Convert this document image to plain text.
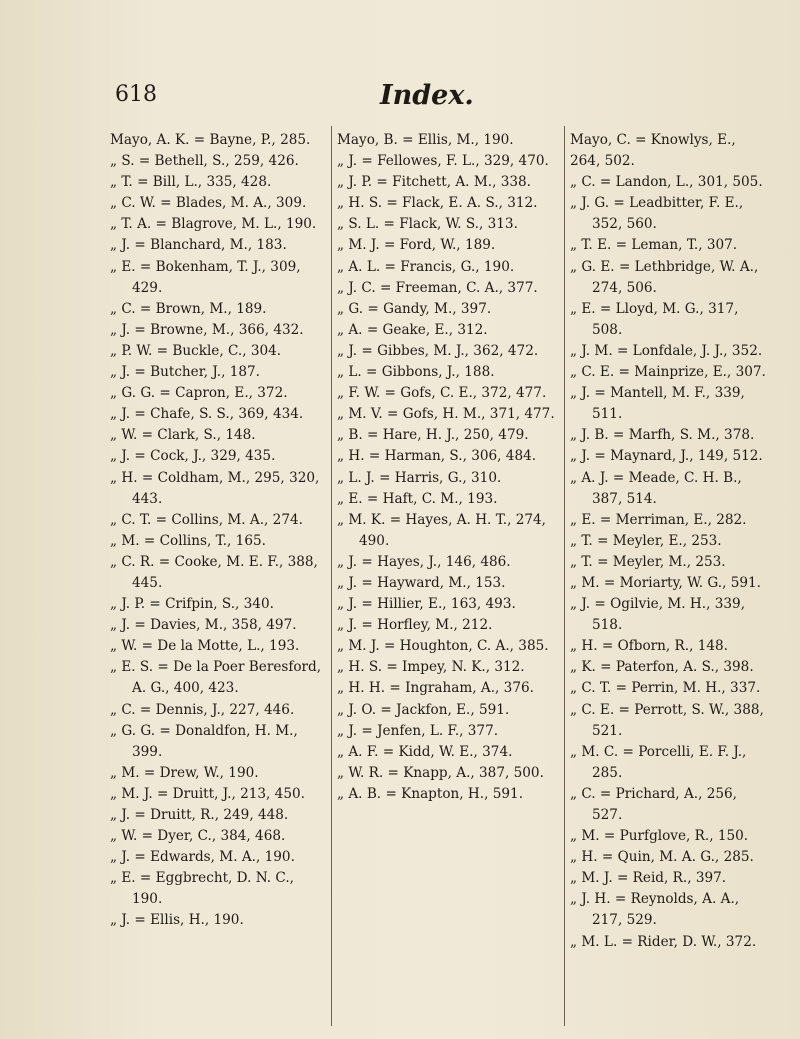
618	Index.
Mayo, A. K. = Bayne, P., 285.
„ S. = Bethell, S., 259, 426.
„ T. = Bill, L., 335, 428.
„ C. W. = Blades, M. A., 309.
„ T. A. = Blagrove, M. L., 190.
„ J. = Blanchard, M., 183.
„ E. = Bokenham, T. J., 309, 429.
„ C. = Brown, M., 189.
„ J. = Browne, M., 366, 432.
„ P. W. = Buckle, C., 304.
„ J. = Butcher, J., 187.
„ G. G. = Capron, E., 372.
„ J. = Chafe, S. S., 369, 434.
„ W. = Clark, S., 148.
„ J. = Cock, J., 329, 435.
„ H. = Coldham, M., 295, 320, 443.
„ C. T. = Collins, M. A., 274.
„ M. = Collins, T., 165.
„ C. R. = Cooke, M. E. F., 388, 445.
„ J. P. = Crifpin, S., 340.
„ J. = Davies, M., 358, 497.
„ W. = De la Motte, L., 193.
„ E. S. = De la Poer Beresford, A. G., 400, 423.
„ C. = Dennis, J., 227, 446.
„ G. G. = Donaldfon, H. M., 399.
„ M. = Drew, W., 190.
„ M. J. = Druitt, J., 213, 450.
„ J. = Druitt, R., 249, 448.
„ W. = Dyer, C., 384, 468.
„ J. = Edwards, M. A., 190.
„ E. = Eggbrecht, D. N. C., 190.
„ J. = Ellis, H., 190.
Mayo, B. = Ellis, M., 190.
„ J. = Fellowes, F. L., 329, 470.
„ J. P. = Fitchett, A. M., 338.
„ H. S. = Flack, E. A. S., 312.
„ S. L. = Flack, W. S., 313.
„ M. J. = Ford, W., 189.
„ A. L. = Francis, G., 190.
„ J. C. = Freeman, C. A., 377.
„ G. = Gandy, M., 397.
„ A. = Geake, E., 312.
„ J. = Gibbes, M. J., 362, 472.
„ L. = Gibbons, J., 188.
„ F. W. = Gofs, C. E., 372, 477.
„ M. V. = Gofs, H. M., 371, 477.
„ B. = Hare, H. J., 250, 479.
„ H. = Harman, S., 306, 484.
„ L. J. = Harris, G., 310.
„ E. = Haft, C. M., 193.
„ M. K. = Hayes, A. H. T., 274, 490.
„ J. = Hayes, J., 146, 486.
„ J. = Hayward, M., 153.
„ J. = Hillier, E., 163, 493.
„ J. = Horfley, M., 212.
„ M. J. = Houghton, C. A., 385.
„ H. S. = Impey, N. K., 312.
„ H. H. = Ingraham, A., 376.
„ J. O. = Jackfon, E., 591.
„ J. = Jenfen, L. F., 377.
„ A. F. = Kidd, W. E., 374.
„ W. R. = Knapp, A., 387, 500.
„ A. B. = Knapton, H., 591.
Mayo, C. = Knowlys, E., 264, 502.
„ C. = Landon, L., 301, 505.
„ J. G. = Leadbitter, F. E., 352, 560.
„ T. E. = Leman, T., 307.
„ G. E. = Lethbridge, W. A., 274, 506.
„ E. = Lloyd, M. G., 317, 508.
„ J. M. = Lonfdale, J. J., 352.
„ C. E. = Mainprize, E., 307.
„ J. = Mantell, M. F., 339, 511.
„ J. B. = Marfh, S. M., 378.
„ J. = Maynard, J., 149, 512.
„ A. J. = Meade, C. H. B., 387, 514.
„ E. = Merriman, E., 282.
„ T. = Meyler, E., 253.
„ T. = Meyler, M., 253.
„ M. = Moriarty, W. G., 591.
„ J. = Ogilvie, M. H., 339, 518.
„ H. = Ofborn, R., 148.
„ K. = Paterfon, A. S., 398.
„ C. T. = Perrin, M. H., 337.
„ C. E. = Perrott, S. W., 388, 521.
„ M. C. = Porcelli, E. F. J., 285.
„ C. = Prichard, A., 256, 527.
„ M. = Purfglove, R., 150.
„ H. = Quin, M. A. G., 285.
„ M. J. = Reid, R., 397.
„ J. H. = Reynolds, A. A., 217, 529.
„ M. L. = Rider, D. W., 372.
